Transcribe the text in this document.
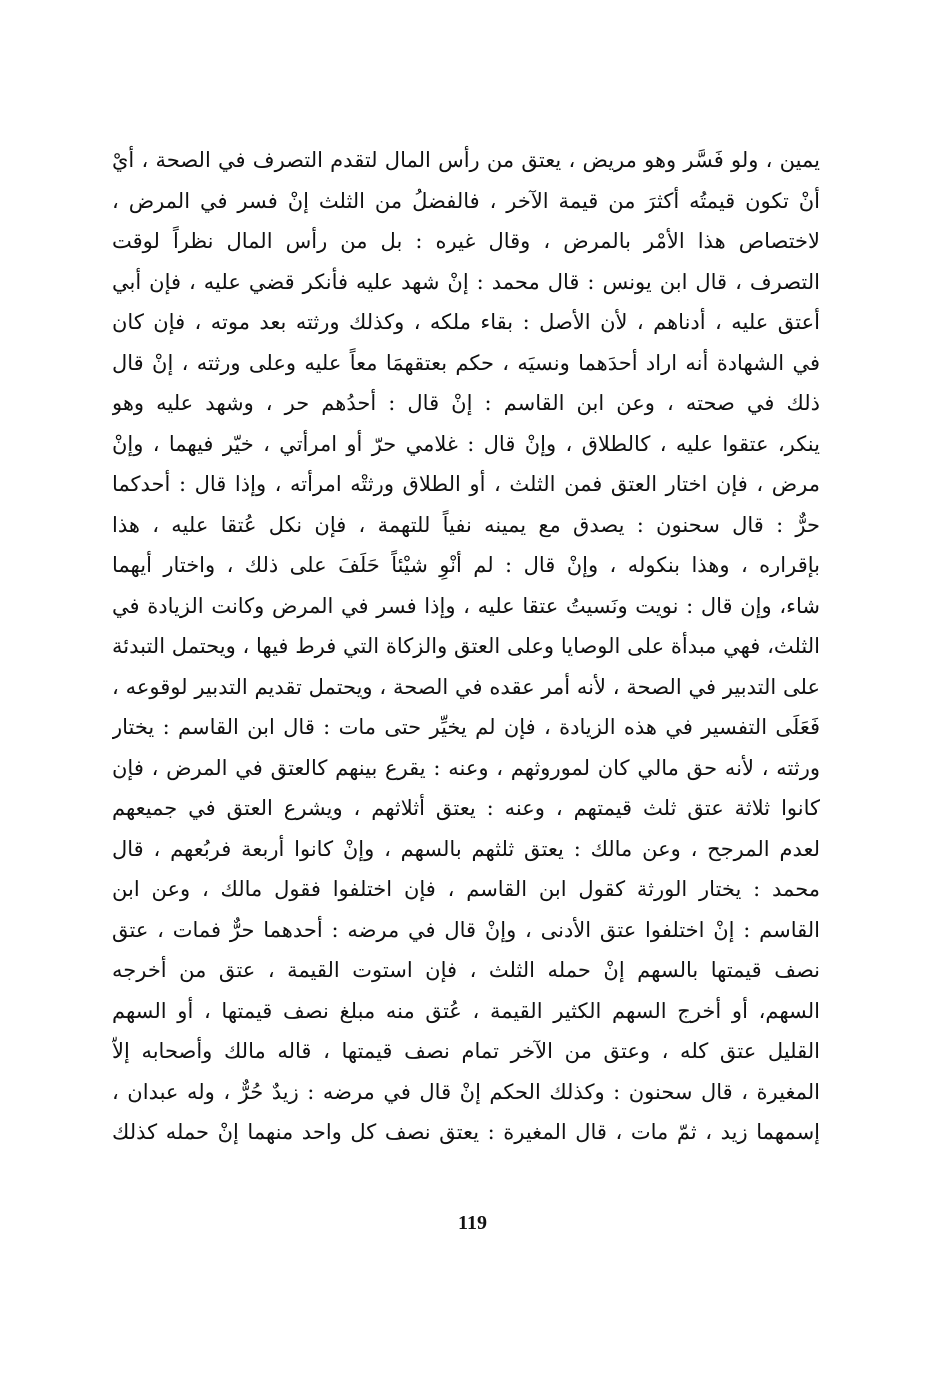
يمين ، ولو فَسَّر وهو مريض ، يعتق من رأس المال لتقدم التصرف في الصحة ، أيْ
أنْ تكون قيمتُه أكثرَ من قيمة الآخر ، فالفضلُ من الثلث إنْ فسر في المرض ،
لاختصاص هذا الأمْر بالمرض ، وقال غيره : بل من رأس المال نظراً لوقت
التصرف ، قال ابن يونس : قال محمد : إنْ شهد عليه فأنكر قضي عليه ، فإن أبي
أعتق عليه ، أدناهم ، لأن الأصل : بقاء ملكه ، وكذلك ورثته بعد موته ، فإن كان
في الشهادة أنه اراد أحدَهما ونسيَه ، حكم بعتقهمَا معاً عليه وعلى ورثته ، إنْ قال
ذلك في صحته ، وعن ابن القاسم : إنْ قال : أحدُهم حر ، وشهد عليه وهو
ينكر، عتقوا عليه ، كالطلاق ، وإنْ قال : غلامي حرّ أو امرأتي ، خيّر فيهما ، وإنْ
مرض ، فإن اختار العتق فمن الثلث ، أو الطلاق ورثتْه امرأته ، وإذا قال : أحدكما
حرٌّ : قال سحنون : يصدق مع يمينه نفياً للتهمة ، فإن نكل عُتقا عليه ، هذا
بإقراره ، وهذا بنكوله ، وإنْ قال : لم أنْوِ شيْئاً حَلَفَ على ذلك ، واختار أيهما
شاء، وإن قال : نويت ونَسيتُ عتقا عليه ، وإذا فسر في المرض وكانت الزيادة في
الثلث، فهي مبدأة على الوصايا وعلى العتق والزكاة التي فرط فيها ، ويحتمل التبدئة
على التدبير في الصحة ، لأنه أمر عقده في الصحة ، ويحتمل تقديم التدبير لوقوعه ،
فَعَلَى التفسير في هذه الزيادة ، فإن لم يخيِّر حتى مات : قال ابن القاسم : يختار
ورثته ، لأنه حق مالي كان لموروثهم ، وعنه : يقرع بينهم كالعتق في المرض ، فإن
كانوا ثلاثة عتق ثلث قيمتهم ، وعنه : يعتق أثلاثهم ، ويشرع العتق في جميعهم
لعدم المرجح ، وعن مالك : يعتق ثلثهم بالسهم ، وإنْ كانوا أربعة فربُعهم ، قال
محمد : يختار الورثة كقول ابن القاسم ، فإن اختلفوا فقول مالك ، وعن ابن
القاسم : إنْ اختلفوا عتق الأدنى ، وإنْ قال في مرضه : أحدهما حرٌّ فمات ، عتق
نصف قيمتها بالسهم إنْ حمله الثلث ، فإن استوت القيمة ، عتق من أخرجه
السهم، أو أخرج السهم الكثير القيمة ، عُتق منه مبلغ نصف قيمتها ، أو السهم
القليل عتق كله ، وعتق من الآخر تمام نصف قيمتها ، قاله مالك وأصحابه إلاّ
المغيرة ، قال سحنون : وكذلك الحكم إنْ قال في مرضه : زيدٌ حُرٌّ ، وله عبدان ،
إسمهما زيد ، ثمّ مات ، قال المغيرة : يعتق نصف كل واحد منهما إنْ حمله كذلك
119
